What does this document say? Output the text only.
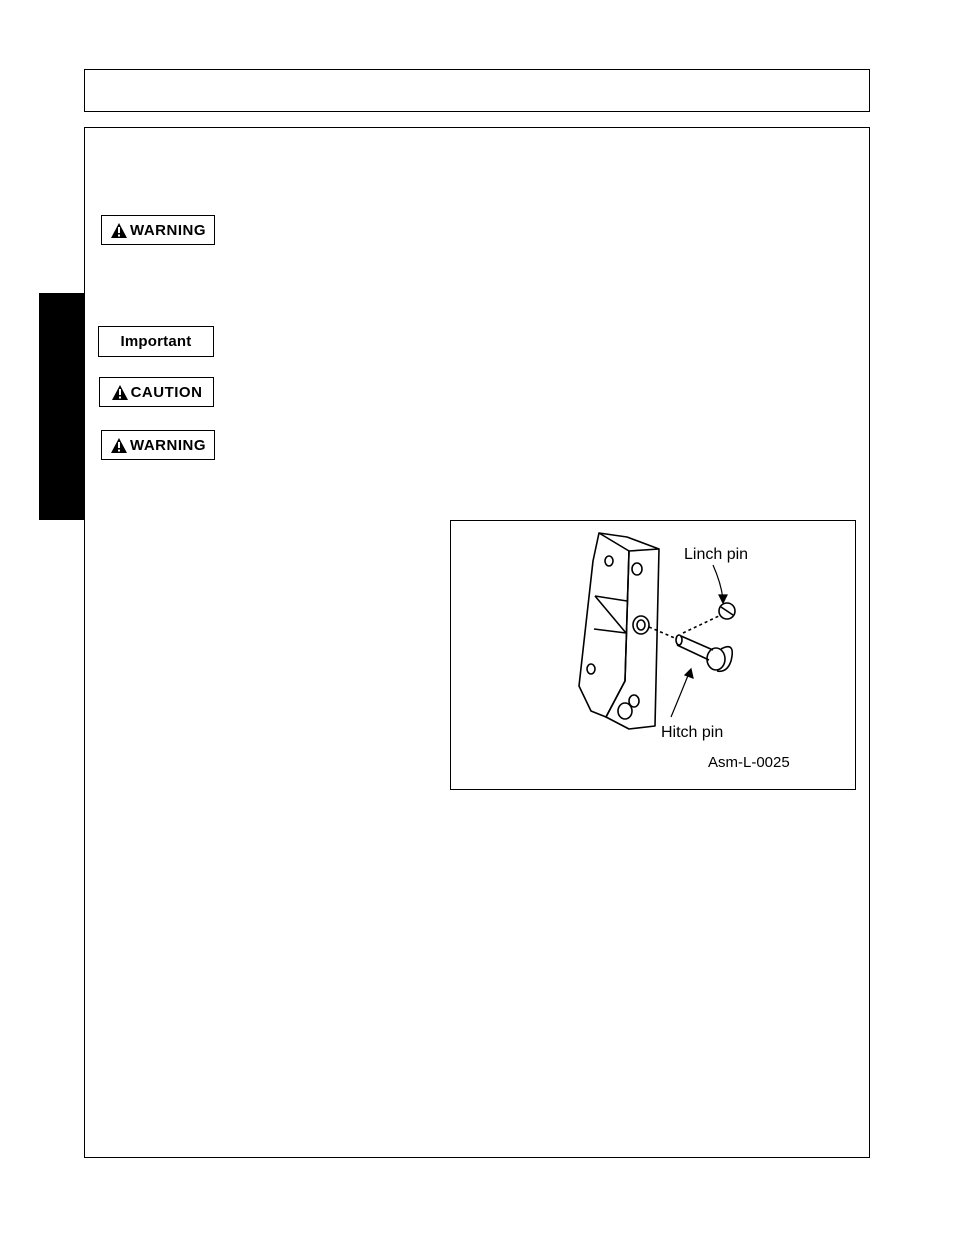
WARNING
Important
CAUTION
WARNING
Linch pin
Hitch pin
Asm-L-0025
